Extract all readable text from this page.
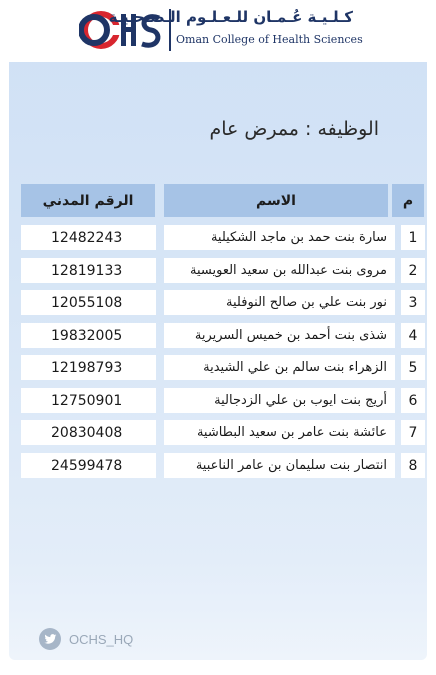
كـلـيـة عُـمـان للـعـلـوم الـصـحـيـة
Oman College of Health Sciences
الوظيفه : ممرض عام
م
الاسم
الرقم المدني
1
سارة بنت حمد بن ماجد الشكيلية
12482243
2
مروى بنت عبدالله بن سعيد العويسية
12819133
3
نور بنت علي بن صالح النوفلية
12055108
4
شذى بنت أحمد بن خميس السريرية
19832005
5
الزهراء بنت سالم بن علي الشيدية
12198793
6
أريج بنت ايوب بن علي الزدجالية
12750901
7
عائشة بنت عامر بن سعيد البطاشية
20830408
8
انتصار بنت سليمان بن عامر الناعبية
24599478
OCHS_HQ
